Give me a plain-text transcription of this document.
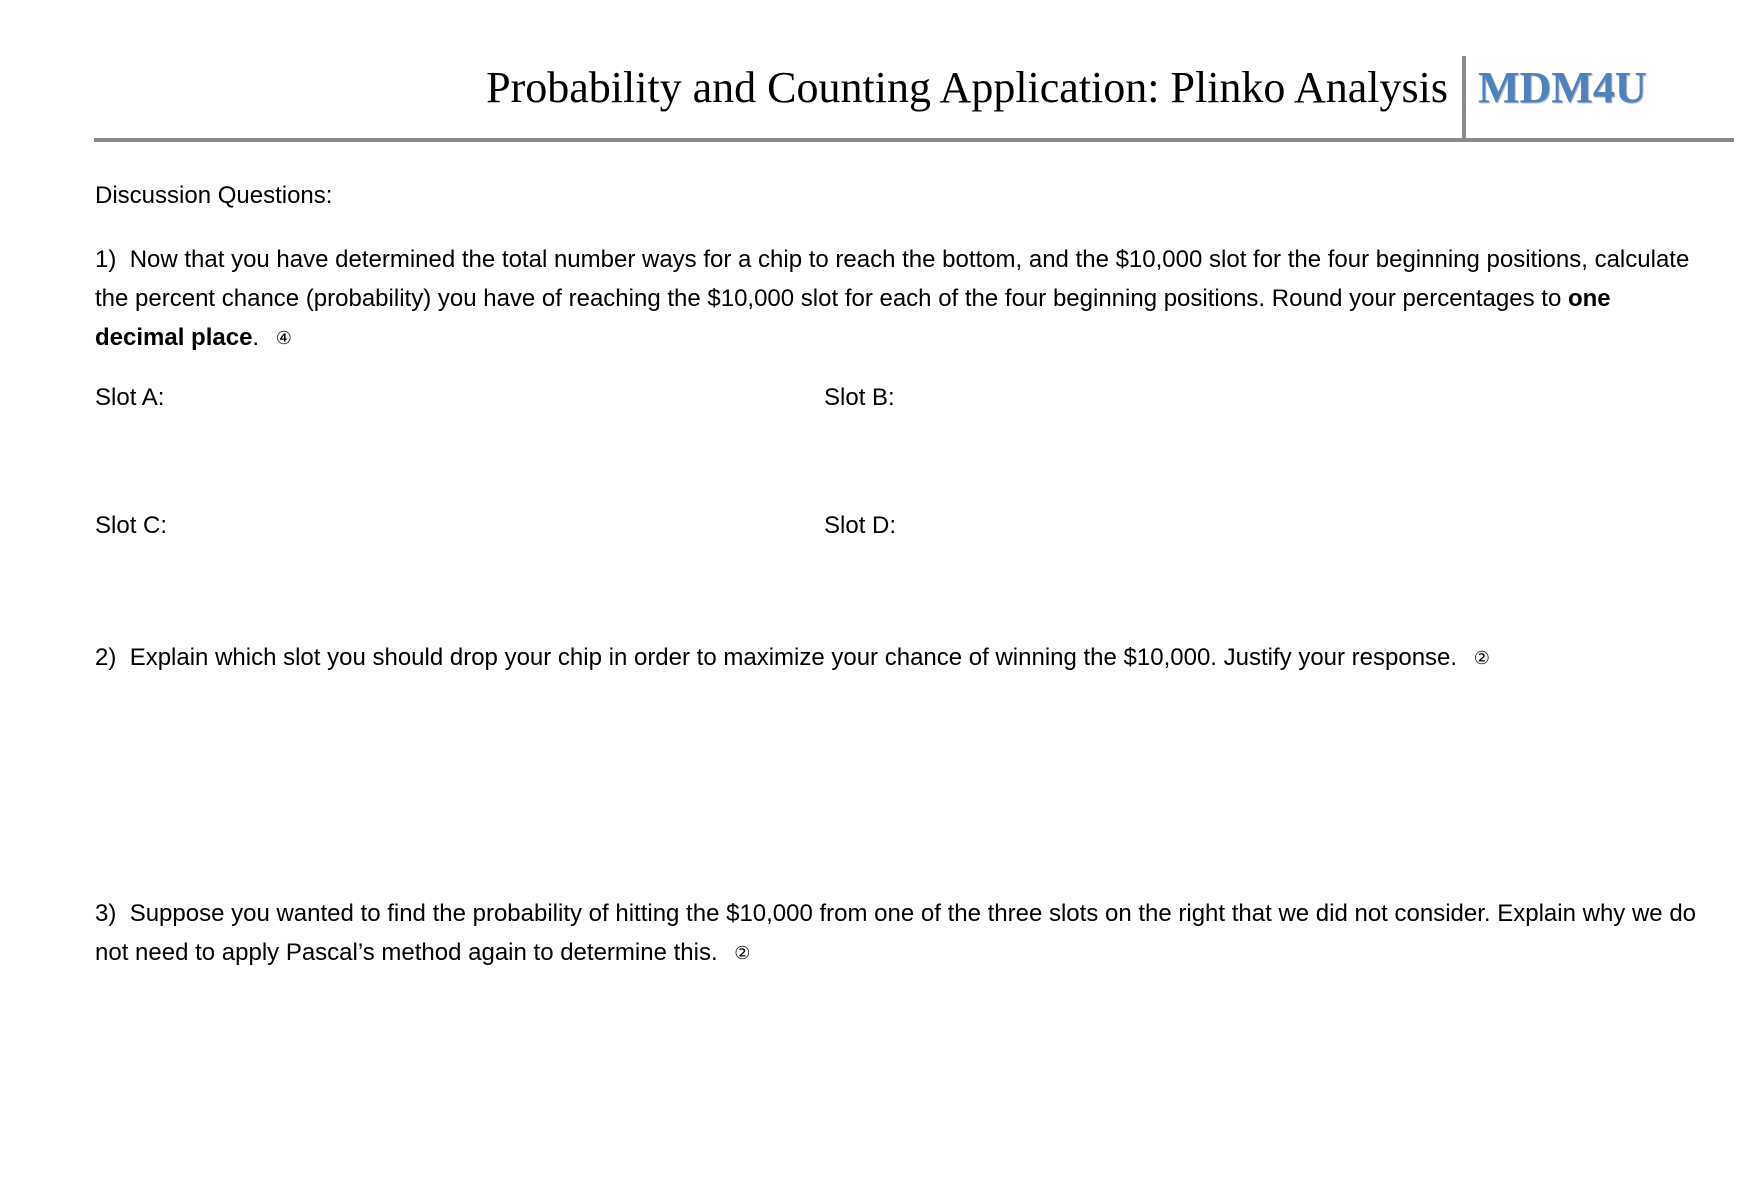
Probability and Counting Application: Plinko Analysis MDM4U
Discussion Questions:
1) Now that you have determined the total number ways for a chip to reach the bottom, and the $10,000 slot for the four beginning positions, calculate the percent chance (probability) you have of reaching the $10,000 slot for each of the four beginning positions. Round your percentages to one decimal place. ④
Slot A:	Slot B:
Slot C:	Slot D:
2) Explain which slot you should drop your chip in order to maximize your chance of winning the $10,000. Justify your response. ②
3) Suppose you wanted to find the probability of hitting the $10,000 from one of the three slots on the right that we did not consider. Explain why we do not need to apply Pascal’s method again to determine this. ②
